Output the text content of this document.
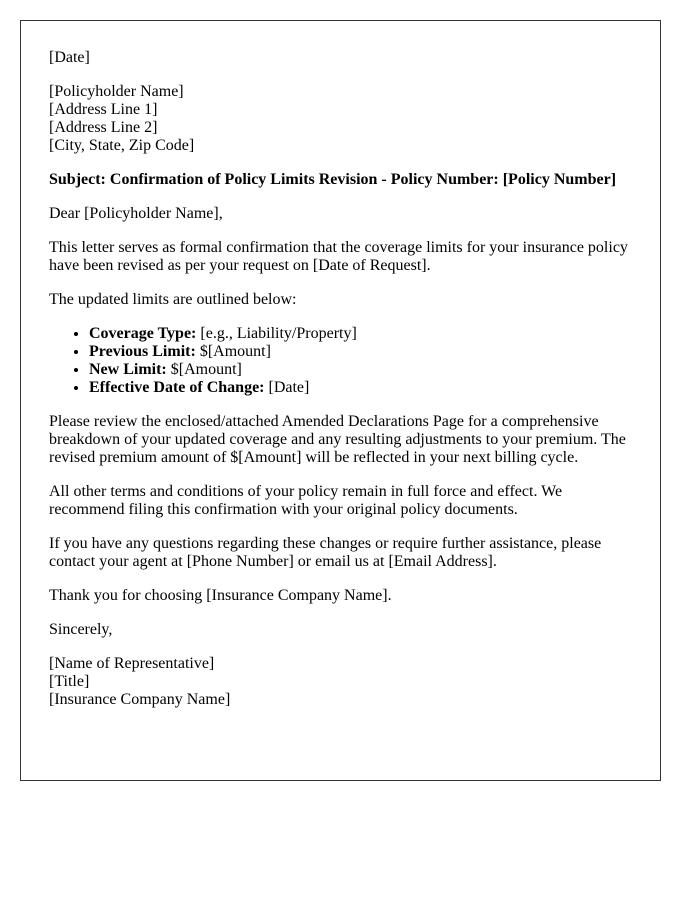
[Date]
[Policyholder Name]
[Address Line 1]
[Address Line 2]
[City, State, Zip Code]

Subject: Confirmation of Policy Limits Revision - Policy Number: [Policy Number]

Dear [Policyholder Name],

This letter serves as formal confirmation that the coverage limits for your insurance policy have been revised as per your request on [Date of Request].

The updated limits are outlined below:

• Coverage Type: [e.g., Liability/Property]
• Previous Limit: $[Amount]
• New Limit: $[Amount]
• Effective Date of Change: [Date]

Please review the enclosed/attached Amended Declarations Page for a comprehensive breakdown of your updated coverage and any resulting adjustments to your premium. The revised premium amount of $[Amount] will be reflected in your next billing cycle.

All other terms and conditions of your policy remain in full force and effect. We recommend filing this confirmation with your original policy documents.

If you have any questions regarding these changes or require further assistance, please contact your agent at [Phone Number] or email us at [Email Address].

Thank you for choosing [Insurance Company Name].

Sincerely,

[Name of Representative]
[Title]
[Insurance Company Name]
